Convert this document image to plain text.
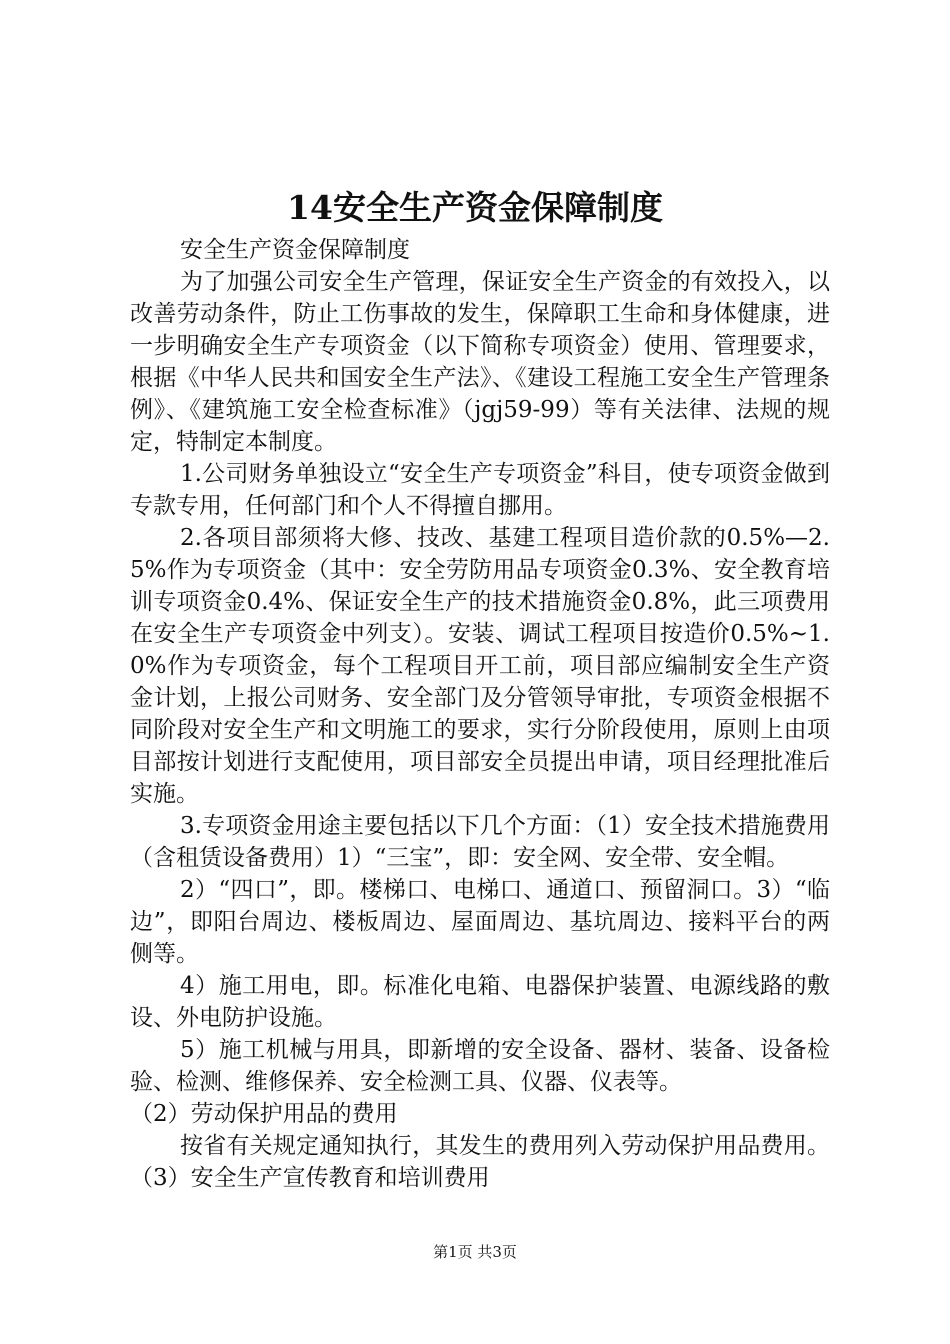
14安全生产资金保障制度

安全生产资金保障制度

为了加强公司安全生产管理，保证安全生产资金的有效投入，以改善劳动条件，防止工伤事故的发生，保障职工生命和身体健康，进一步明确安全生产专项资金（以下简称专项资金）使用、管理要求，根据《中华人民共和国安全生产法》、《建设工程施工安全生产管理条例》、《建筑施工安全检查标准》（jgj59-99）等有关法律、法规的规定，特制定本制度。

1.公司财务单独设立“安全生产专项资金”科目，使专项资金做到专款专用，任何部门和个人不得擅自挪用。

2.各项目部须将大修、技改、基建工程项目造价款的0.5%—2.5%作为专项资金（其中：安全劳防用品专项资金0.3%、安全教育培训专项资金0.4%、保证安全生产的技术措施资金0.8%，此三项费用在安全生产专项资金中列支）。安装、调试工程项目按造价0.5%~1.0%作为专项资金，每个工程项目开工前，项目部应编制安全生产资金计划，上报公司财务、安全部门及分管领导审批，专项资金根据不同阶段对安全生产和文明施工的要求，实行分阶段使用，原则上由项目部按计划进行支配使用，项目部安全员提出申请，项目经理批准后实施。

3.专项资金用途主要包括以下几个方面：（1）安全技术措施费用（含租赁设备费用）1）“三宝”，即：安全网、安全带、安全帽。

2）“四口”，即。楼梯口、电梯口、通道口、预留洞口。3）“临边”，即阳台周边、楼板周边、屋面周边、基坑周边、接料平台的两侧等。

4）施工用电，即。标准化电箱、电器保护装置、电源线路的敷设、外电防护设施。

5）施工机械与用具，即新增的安全设备、器材、装备、设备检验、检测、维修保养、安全检测工具、仪器、仪表等。

（2）劳动保护用品的费用

按省有关规定通知执行，其发生的费用列入劳动保护用品费用。（3）安全生产宣传教育和培训费用

第1页 共3页
